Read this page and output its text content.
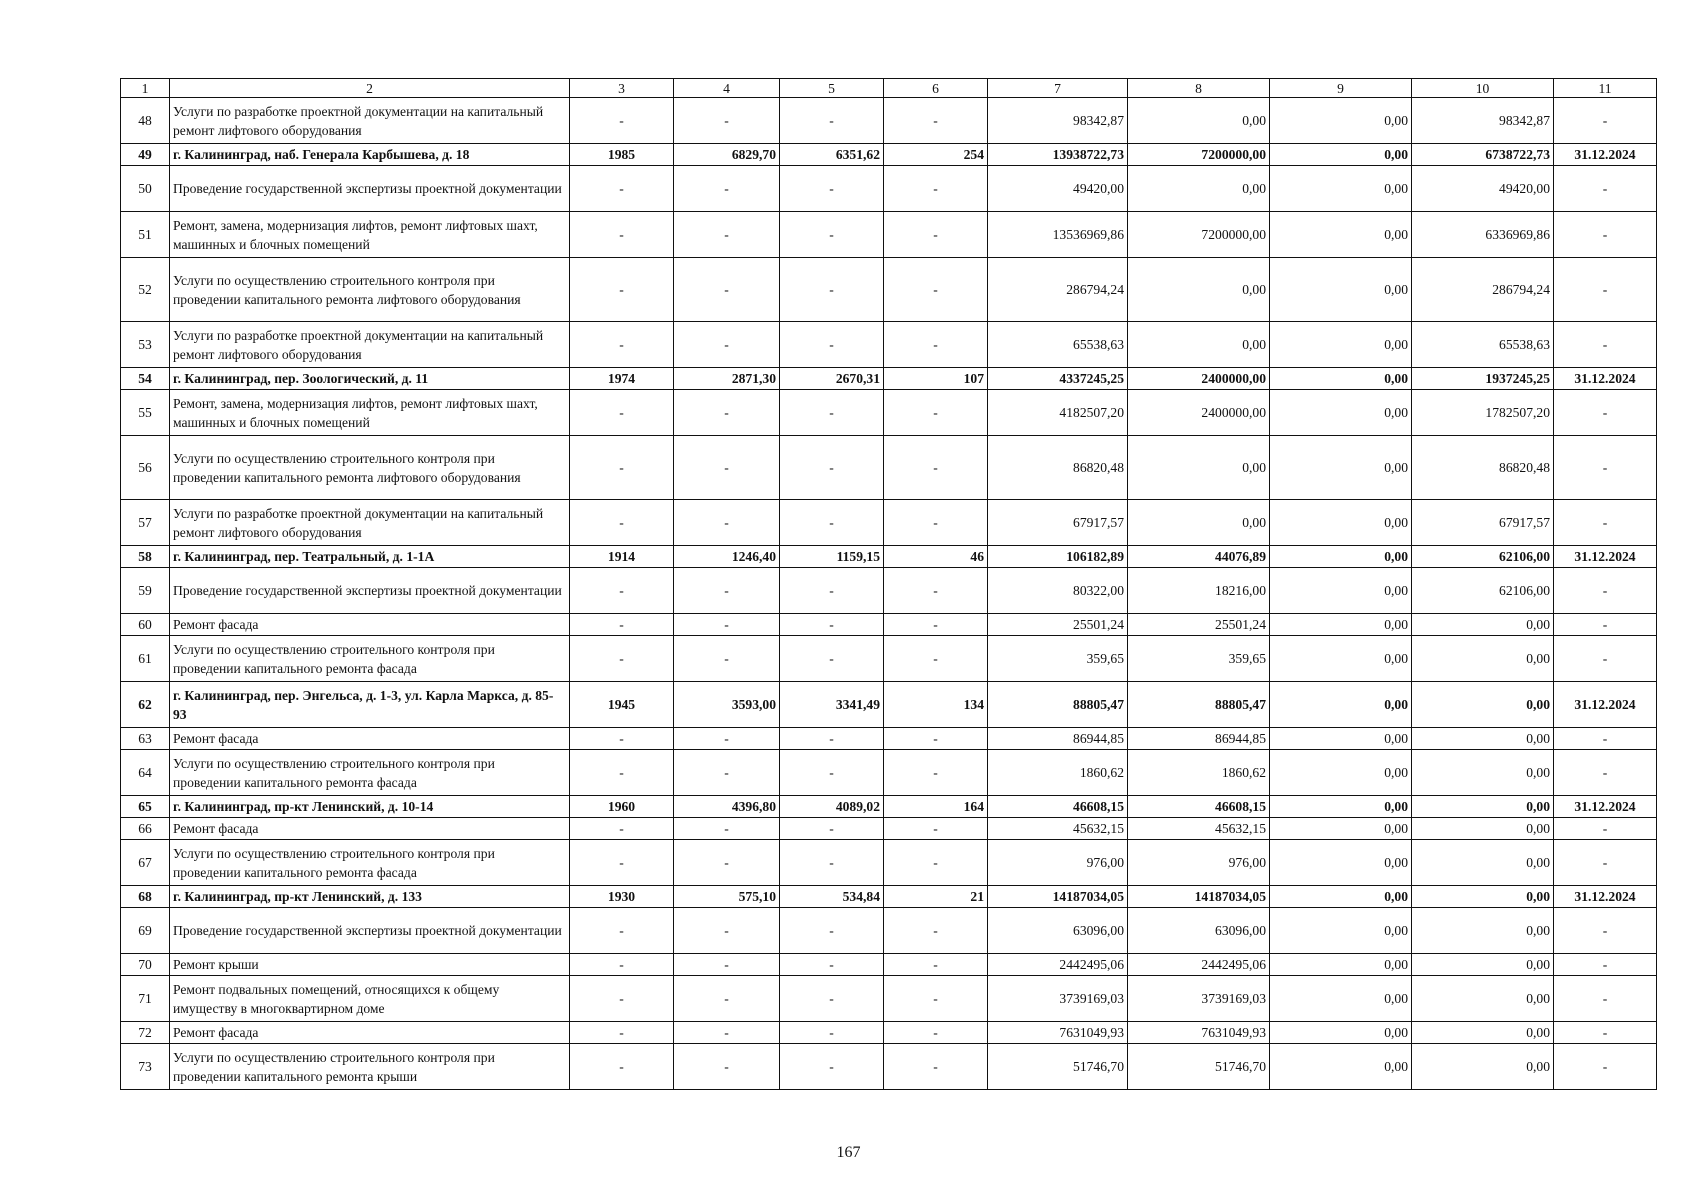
1	2	3	4	5	6	7	8	9	10	11
48	Услуги по разработке проектной документации на капитальный ремонт лифтового оборудования	-	-	-	-	98342,87	0,00	0,00	98342,87	-
49	г. Калининград, наб. Генерала Карбышева, д. 18	1985	6829,70	6351,62	254	13938722,73	7200000,00	0,00	6738722,73	31.12.2024
50	Проведение государственной экспертизы проектной документации	-	-	-	-	49420,00	0,00	0,00	49420,00	-
51	Ремонт, замена, модернизация лифтов, ремонт лифтовых шахт, машинных и блочных помещений	-	-	-	-	13536969,86	7200000,00	0,00	6336969,86	-
52	Услуги по осуществлению строительного контроля при проведении капитального ремонта лифтового оборудования	-	-	-	-	286794,24	0,00	0,00	286794,24	-
53	Услуги по разработке проектной документации на капитальный ремонт лифтового оборудования	-	-	-	-	65538,63	0,00	0,00	65538,63	-
54	г. Калининград, пер. Зоологический, д. 11	1974	2871,30	2670,31	107	4337245,25	2400000,00	0,00	1937245,25	31.12.2024
55	Ремонт, замена, модернизация лифтов, ремонт лифтовых шахт, машинных и блочных помещений	-	-	-	-	4182507,20	2400000,00	0,00	1782507,20	-
56	Услуги по осуществлению строительного контроля при проведении капитального ремонта лифтового оборудования	-	-	-	-	86820,48	0,00	0,00	86820,48	-
57	Услуги по разработке проектной документации на капитальный ремонт лифтового оборудования	-	-	-	-	67917,57	0,00	0,00	67917,57	-
58	г. Калининград, пер. Театральный, д. 1-1А	1914	1246,40	1159,15	46	106182,89	44076,89	0,00	62106,00	31.12.2024
59	Проведение государственной экспертизы проектной документации	-	-	-	-	80322,00	18216,00	0,00	62106,00	-
60	Ремонт фасада	-	-	-	-	25501,24	25501,24	0,00	0,00	-
61	Услуги по осуществлению строительного контроля при проведении капитального ремонта фасада	-	-	-	-	359,65	359,65	0,00	0,00	-
62	г. Калининград, пер. Энгельса, д. 1-3, ул. Карла Маркса, д. 85-93	1945	3593,00	3341,49	134	88805,47	88805,47	0,00	0,00	31.12.2024
63	Ремонт фасада	-	-	-	-	86944,85	86944,85	0,00	0,00	-
64	Услуги по осуществлению строительного контроля при проведении капитального ремонта фасада	-	-	-	-	1860,62	1860,62	0,00	0,00	-
65	г. Калининград, пр-кт Ленинский, д. 10-14	1960	4396,80	4089,02	164	46608,15	46608,15	0,00	0,00	31.12.2024
66	Ремонт фасада	-	-	-	-	45632,15	45632,15	0,00	0,00	-
67	Услуги по осуществлению строительного контроля при проведении капитального ремонта фасада	-	-	-	-	976,00	976,00	0,00	0,00	-
68	г. Калининград, пр-кт Ленинский, д. 133	1930	575,10	534,84	21	14187034,05	14187034,05	0,00	0,00	31.12.2024
69	Проведение государственной экспертизы проектной документации	-	-	-	-	63096,00	63096,00	0,00	0,00	-
70	Ремонт крыши	-	-	-	-	2442495,06	2442495,06	0,00	0,00	-
71	Ремонт подвальных помещений, относящихся к общему имуществу в многоквартирном доме	-	-	-	-	3739169,03	3739169,03	0,00	0,00	-
72	Ремонт фасада	-	-	-	-	7631049,93	7631049,93	0,00	0,00	-
73	Услуги по осуществлению строительного контроля при проведении капитального ремонта крыши	-	-	-	-	51746,70	51746,70	0,00	0,00	-
167
